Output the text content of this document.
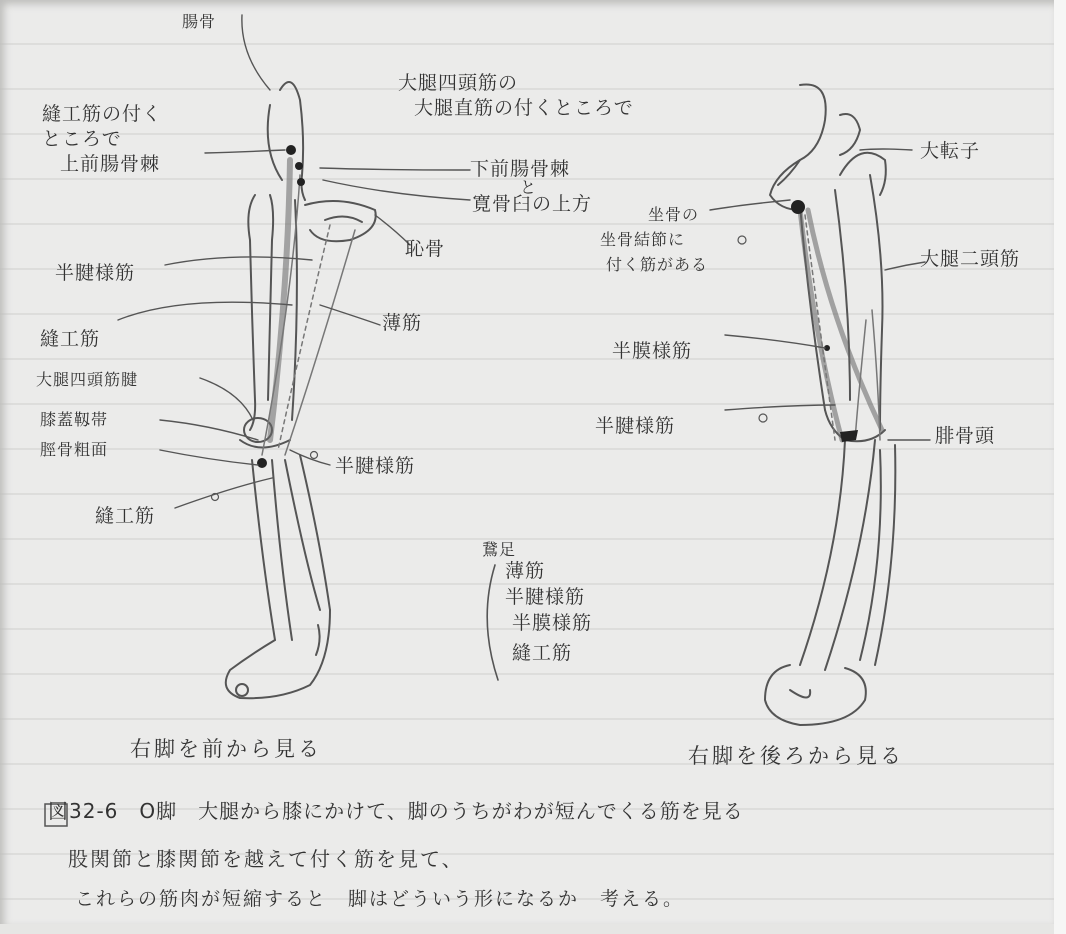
腸骨
縫工筋の付く
ところで
上前腸骨棘
大腿四頭筋の
大腿直筋の付くところで
下前腸骨棘
と
寛骨臼の上方
恥骨
半腱様筋
薄筋
縫工筋
大腿四頭筋腱
膝蓋靱帯
脛骨粗面
半腱様筋
縫工筋
右脚を前から見る
大転子
坐骨の
坐骨結節に
付く筋がある	大腿二頭筋
半膜様筋
半腱様筋	腓骨頭
右脚を後ろから見る
鵞足
薄筋
半腱様筋
半膜様筋
縫工筋
図32-6　O脚　大腿から膝にかけて、脚のうちがわが短んでくる筋を見る
股関節と膝関節を越えて付く筋を見て、
これらの筋肉が短縮すると　脚はどういう形になるか　考える。
